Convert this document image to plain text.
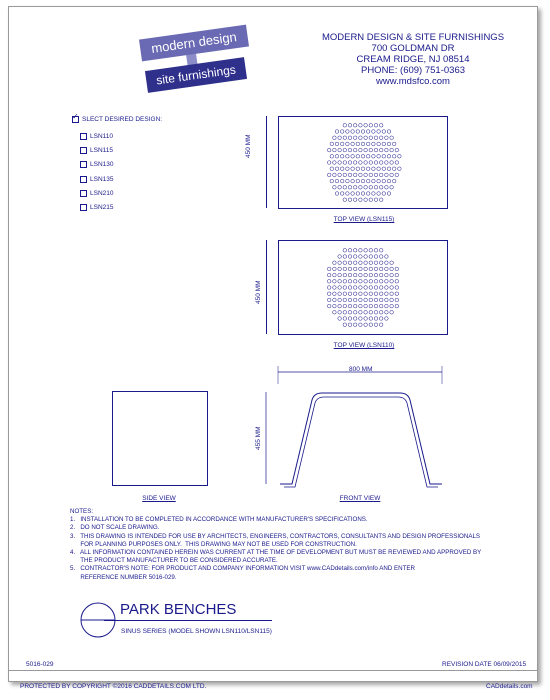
modern design
site furnishings
MODERN DESIGN & SITE FURNISHINGS
700 GOLDMAN DR
CREAM RIDGE, NJ 08514
PHONE: (609) 751-0363
www.mdsfco.com
✓ SLECT DESIRED DESIGN:
LSN110
LSN115
LSN130
LSN135
LSN210
LSN215
450 MM
TOP VIEW (LSN115)
450 MM
TOP VIEW (LSN110)
SIDE VIEW
800 MM
455 MM
FRONT VIEW
NOTES:
1.   INSTALLATION TO BE COMPLETED IN ACCORDANCE WITH MANUFACTURER'S SPECIFICATIONS.
2.   DO NOT SCALE DRAWING.
3.   THIS DRAWING IS INTENDED FOR USE BY ARCHITECTS, ENGINEERS, CONTRACTORS, CONSULTANTS AND DESIGN PROFESSIONALS
FOR PLANNING PURPOSES ONLY.  THIS DRAWING MAY NOT BE USED FOR CONSTRUCTION.
4.   ALL INFORMATION CONTAINED HEREIN WAS CURRENT AT THE TIME OF DEVELOPMENT BUT MUST BE REVIEWED AND APPROVED BY
THE PRODUCT MANUFACTURER TO BE CONSIDERED ACCURATE.
5.   CONTRACTOR'S NOTE: FOR PRODUCT AND COMPANY INFORMATION VISIT www.CADdetails.com/info AND ENTER
REFERENCE NUMBER 5016-029.
PARK BENCHES
SINUS SERIES (MODEL SHOWN LSN110/LSN115)
5016-029	REVISION DATE 06/09/2015
PROTECTED BY COPYRIGHT ©2016 CADDETAILS.COM LTD.	CADdetails.com
